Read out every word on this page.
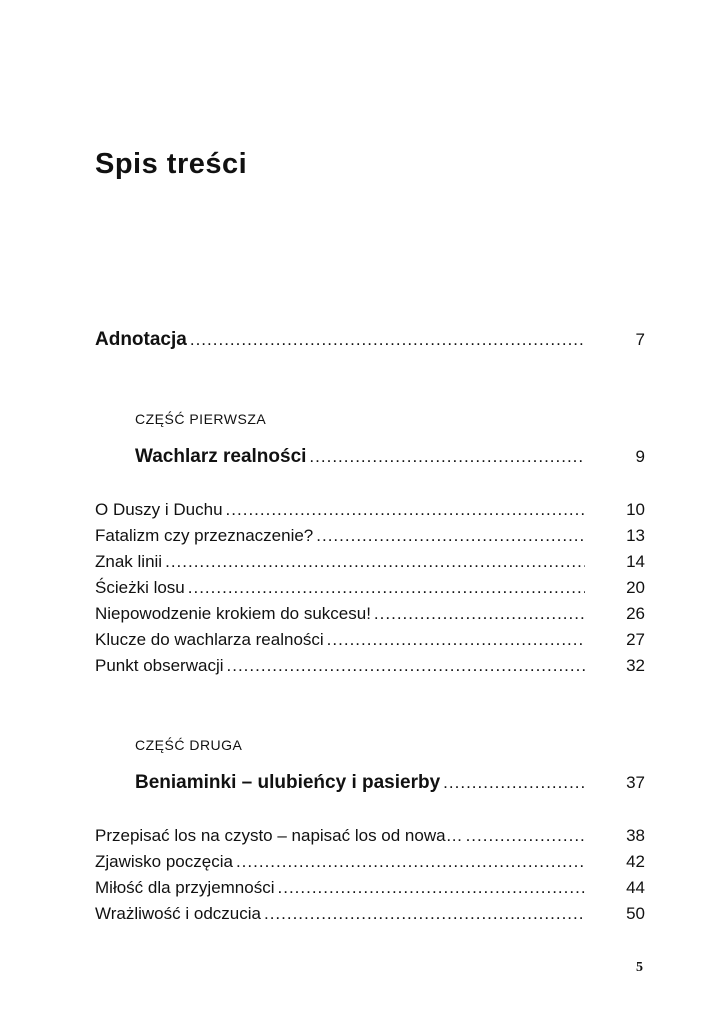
Spis treści
Adnotacja .....	7
CZĘŚĆ PIERWSZA
Wachlarz realności .....	9
O Duszy i Duchu .....	10
Fatalizm czy przeznaczenie? .....	13
Znak linii .....	14
Ścieżki losu .....	20
Niepowodzenie krokiem do sukcesu! .....	26
Klucze do wachlarza realności .....	27
Punkt obserwacji .....	32
CZĘŚĆ DRUGA
Beniaminki – ulubieńcy i pasierby .....	37
Przepisać los na czysto – napisać los od nowa… .....	38
Zjawisko poczęcia .....	42
Miłość dla przyjemności .....	44
Wrażliwość i odczucia .....	50
5
